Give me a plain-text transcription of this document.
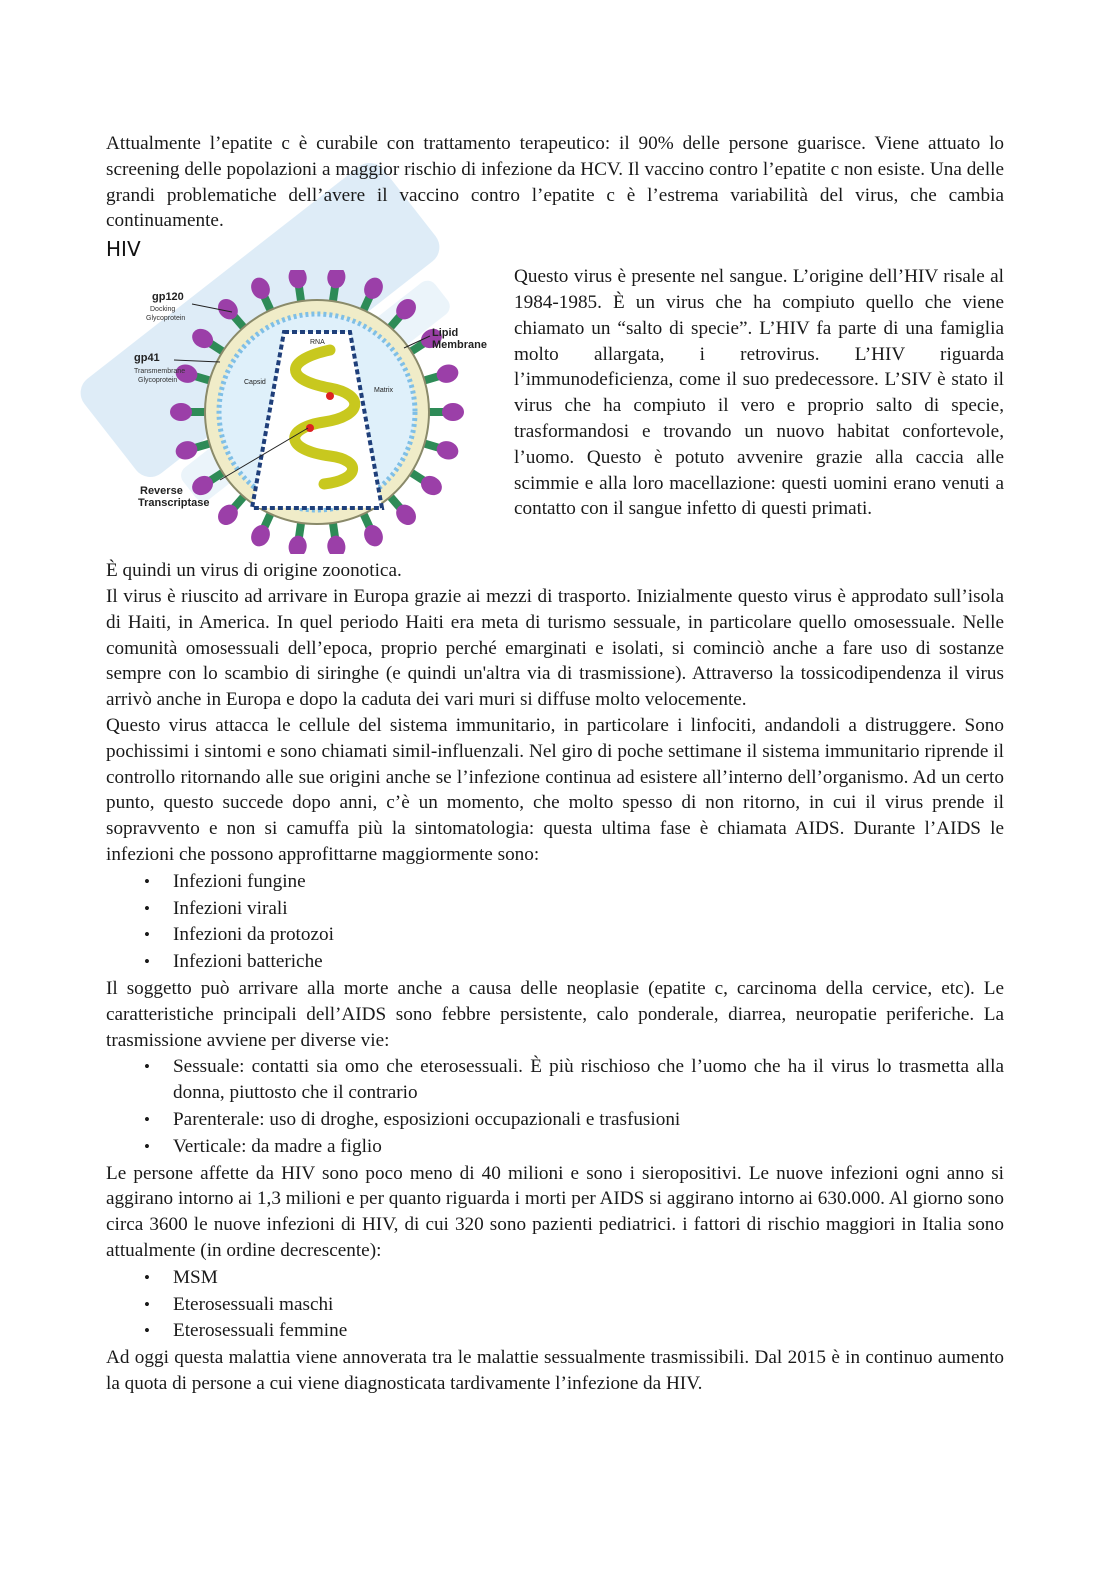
Attualmente l’epatite c è curabile con trattamento terapeutico: il 90% delle persone guarisce. Viene attuato lo screening delle popolazioni a maggior rischio di infezione da HCV. Il vaccino contro l’epatite c non esiste. Una delle grandi problematiche dell’avere il vaccino contro l’epatite c è l’estrema variabilità del virus, che cambia continuamente.

HIV
gp120
Docking
Glycoprotein
gp41
Transmembrane
Glycoprotein
Lipid
Membrane
RNA
Capsid
Matrix
Reverse
Transcriptase

Questo virus è presente nel sangue. L’origine dell’HIV risale al 1984-1985. È un virus che ha compiuto quello che viene chiamato un “salto di specie”. L’HIV fa parte di una famiglia molto allargata, i retrovirus. L’HIV riguarda l’immunodeficienza, come il suo predecessore. L’SIV è stato il virus che ha compiuto il vero e proprio salto di specie, trasformandosi e trovando un nuovo habitat confortevole, l’uomo. Questo è potuto avvenire grazie alla caccia alle scimmie e alla loro macellazione: questi uomini erano venuti a contatto con il sangue infetto di questi primati.

È quindi un virus di origine zoonotica.

Il virus è riuscito ad arrivare in Europa grazie ai mezzi di trasporto. Inizialmente questo virus è approdato sull’isola di Haiti, in America. In quel periodo Haiti era meta di turismo sessuale, in particolare quello omosessuale. Nelle comunità omosessuali dell’epoca, proprio perché emarginati e isolati, si cominciò anche a fare uso di sostanze sempre con lo scambio di siringhe (e quindi un'altra via di trasmissione). Attraverso la tossicodipendenza il virus arrivò anche in Europa e dopo la caduta dei vari muri si diffuse molto velocemente.

Questo virus attacca le cellule del sistema immunitario, in particolare i linfociti, andandoli a distruggere. Sono pochissimi i sintomi e sono chiamati simil-influenzali. Nel giro di poche settimane il sistema immunitario riprende il controllo ritornando alle sue origini anche se l’infezione continua ad esistere all’interno dell’organismo. Ad un certo punto, questo succede dopo anni, c’è un momento, che molto spesso di non ritorno, in cui il virus prende il sopravvento e non si camuffa più la sintomatologia: questa ultima fase è chiamata AIDS. Durante l’AIDS le infezioni che possono approfittarne maggiormente sono:

• Infezioni fungine
• Infezioni virali
• Infezioni da protozoi
• Infezioni batteriche

Il soggetto può arrivare alla morte anche a causa delle neoplasie (epatite c, carcinoma della cervice, etc). Le caratteristiche principali dell’AIDS sono febbre persistente, calo ponderale, diarrea, neuropatie periferiche. La trasmissione avviene per diverse vie:

• Sessuale: contatti sia omo che eterosessuali. È più rischioso che l’uomo che ha il virus lo trasmetta alla donna, piuttosto che il contrario
• Parenterale: uso di droghe, esposizioni occupazionali e trasfusioni
• Verticale: da madre a figlio

Le persone affette da HIV sono poco meno di 40 milioni e sono i sieropositivi. Le nuove infezioni ogni anno si aggirano intorno ai 1,3 milioni e per quanto riguarda i morti per AIDS si aggirano intorno ai 630.000. Al giorno sono circa 3600 le nuove infezioni di HIV, di cui 320 sono pazienti pediatrici. i fattori di rischio maggiori in Italia sono attualmente (in ordine decrescente):

• MSM
• Eterosessuali maschi
• Eterosessuali femmine

Ad oggi questa malattia viene annoverata tra le malattie sessualmente trasmissibili. Dal 2015 è in continuo aumento la quota di persone a cui viene diagnosticata tardivamente l’infezione da HIV.
